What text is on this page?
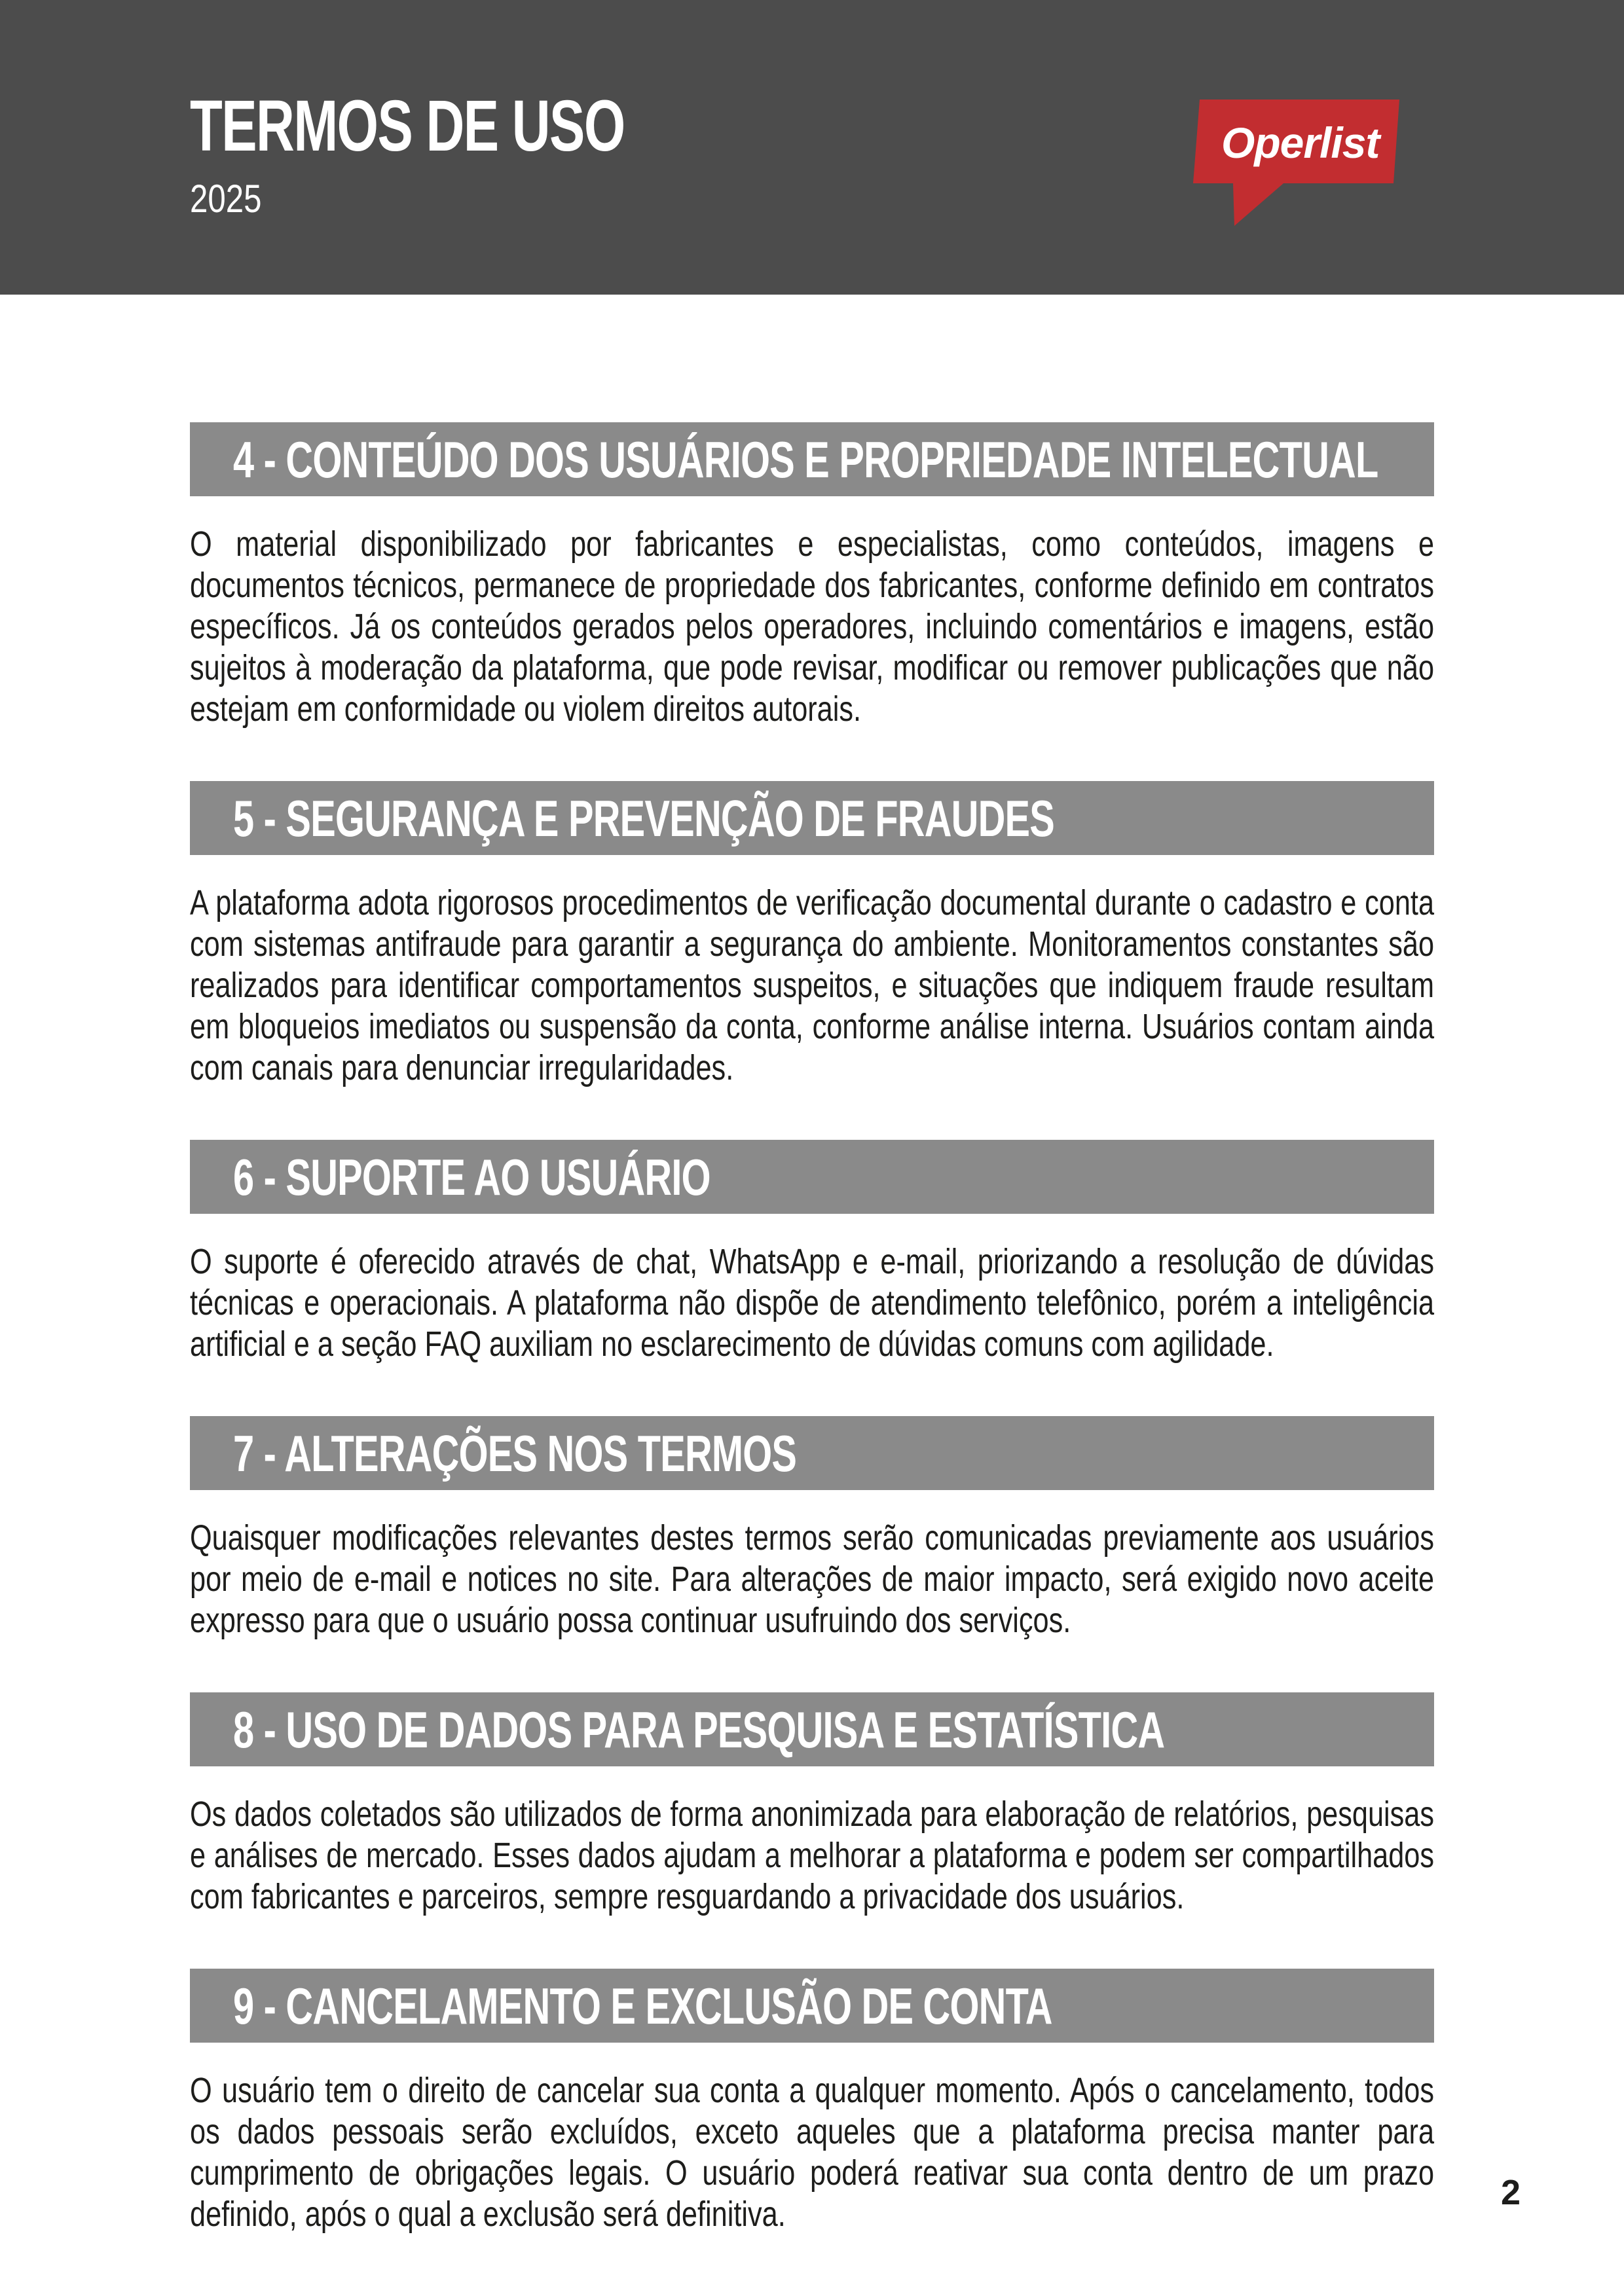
TERMOS DE USO

2025

Operlist
4 - CONTEÚDO DOS USUÁRIOS E PROPRIEDADE INTELECTUAL

O material disponibilizado por fabricantes e especialistas, como conteúdos, imagens e documentos técnicos, permanece de propriedade dos fabricantes, conforme definido em contratos específicos. Já os conteúdos gerados pelos operadores, incluindo comentários e imagens, estão sujeitos à moderação da plataforma, que pode revisar, modificar ou remover publicações que não estejam em conformidade ou violem direitos autorais.

5 - SEGURANÇA E PREVENÇÃO DE FRAUDES

A plataforma adota rigorosos procedimentos de verificação documental durante o cadastro e conta com sistemas antifraude para garantir a segurança do ambiente. Monitoramentos constantes são realizados para identificar comportamentos suspeitos, e situações que indiquem fraude resultam em bloqueios imediatos ou suspensão da conta, conforme análise interna. Usuários contam ainda com canais para denunciar irregularidades.

6 - SUPORTE AO USUÁRIO

O suporte é oferecido através de chat, WhatsApp e e-mail, priorizando a resolução de dúvidas técnicas e operacionais. A plataforma não dispõe de atendimento telefônico, porém a inteligência artificial e a seção FAQ auxiliam no esclarecimento de dúvidas comuns com agilidade.

7 - ALTERAÇÕES NOS TERMOS

Quaisquer modificações relevantes destes termos serão comunicadas previamente aos usuários por meio de e-mail e notices no site. Para alterações de maior impacto, será exigido novo aceite expresso para que o usuário possa continuar usufruindo dos serviços.

8 - USO DE DADOS PARA PESQUISA E ESTATÍSTICA

Os dados coletados são utilizados de forma anonimizada para elaboração de relatórios, pesquisas e análises de mercado. Esses dados ajudam a melhorar a plataforma e podem ser compartilhados com fabricantes e parceiros, sempre resguardando a privacidade dos usuários.

9 - CANCELAMENTO E EXCLUSÃO DE CONTA

O usuário tem o direito de cancelar sua conta a qualquer momento. Após o cancelamento, todos os dados pessoais serão excluídos, exceto aqueles que a plataforma precisa manter para cumprimento de obrigações legais. O usuário poderá reativar sua conta dentro de um prazo definido, após o qual a exclusão será definitiva.

2
